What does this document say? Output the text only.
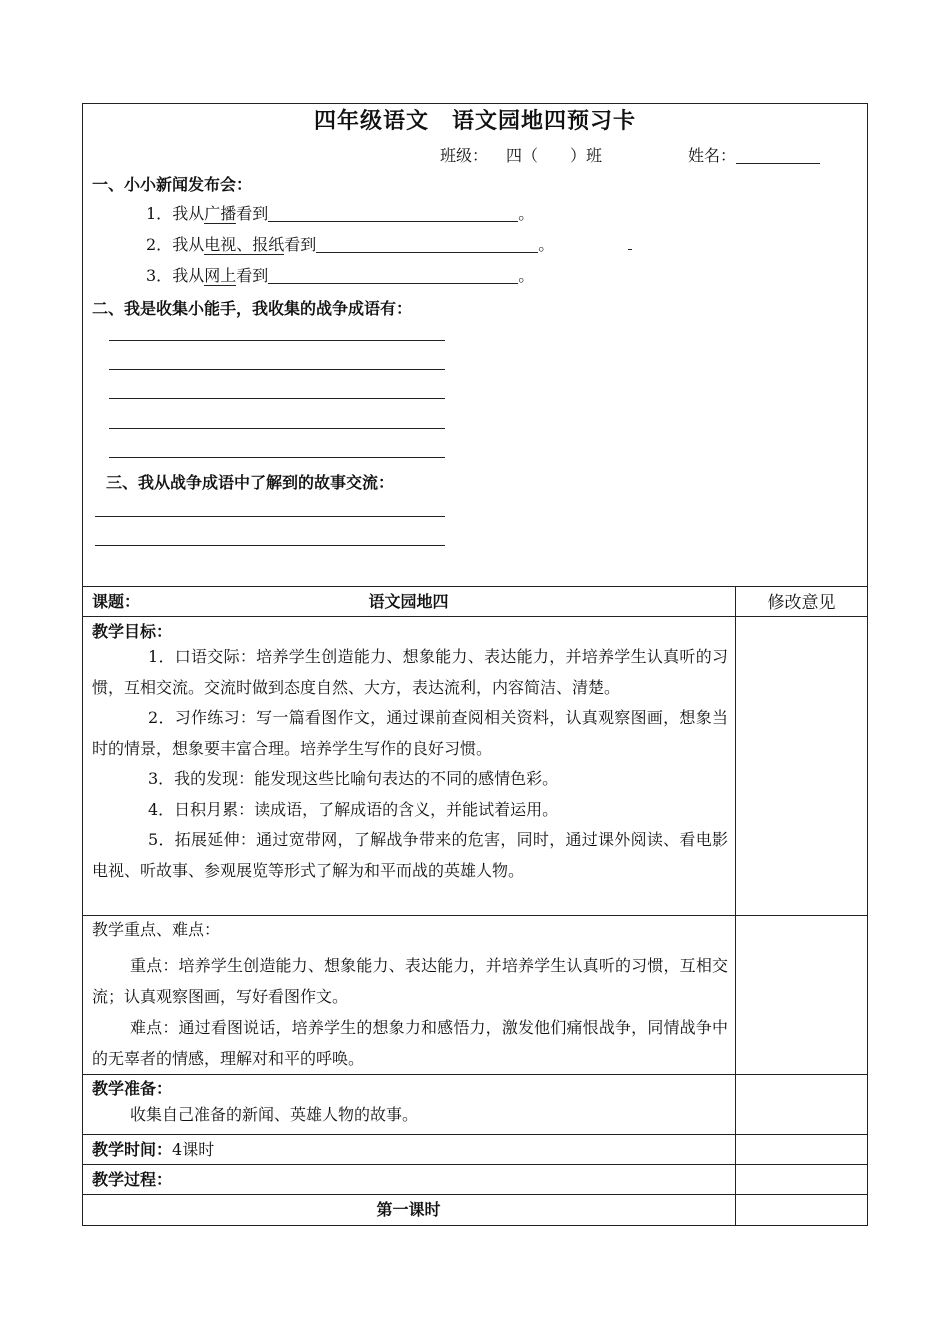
四年级语文　语文园地四预习卡
班级： 四（　　）班	姓名：
一、小小新闻发布会：
1．我从广播看到	。
2．我从电视、报纸看到	。
3．我从网上看到	。
二、我是收集小能手，我收集的战争成语有：
三、我从战争成语中了解到的故事交流：
课题：	语文园地四	修改意见
教学目标：

1．口语交际：培养学生创造能力、想象能力、表达能力，并培养学生认真听的习惯，互相交流。交流时做到态度自然、大方，表达流利，内容简洁、清楚。

2．习作练习：写一篇看图作文，通过课前查阅相关资料，认真观察图画，想象当时的情景，想象要丰富合理。培养学生写作的良好习惯。

3．我的发现：能发现这些比喻句表达的不同的感情色彩。

4．日积月累：读成语，了解成语的含义，并能试着运用。

5．拓展延伸：通过宽带网，了解战争带来的危害，同时，通过课外阅读、看电影电视、听故事、参观展览等形式了解为和平而战的英雄人物。

教学重点、难点：

重点：培养学生创造能力、想象能力、表达能力，并培养学生认真听的习惯，互相交流；认真观察图画，写好看图作文。

难点：通过看图说话，培养学生的想象力和感悟力，激发他们痛恨战争，同情战争中的无辜者的情感，理解对和平的呼唤。

教学准备：
收集自己准备的新闻、英雄人物的故事。
教学时间：4课时
教学过程：
第一课时
